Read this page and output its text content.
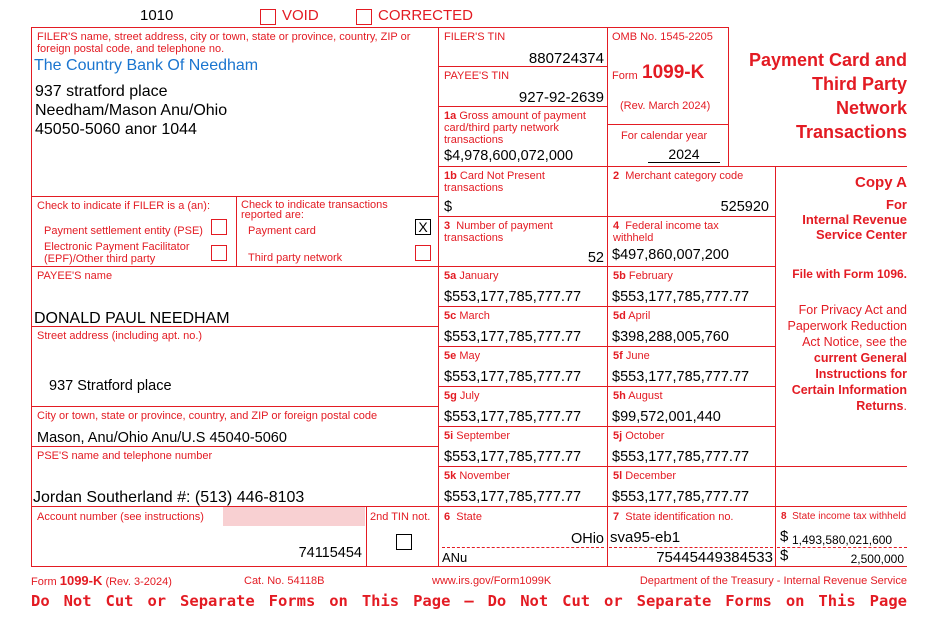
1010	VOID	CORRECTED
FILER'S name, street address, city or town, state or province, country, ZIP or foreign postal code, and telephone no.
The Country Bank Of Needham
937 stratford place
Needham/Mason Anu/Ohio
45050-5060 anor 1044
FILER'S TIN
880724374
PAYEE'S TIN
927-92-2639
1a Gross amount of payment card/third party network transactions
$4,978,600,072,000
OMB No. 1545-2205
Form 1099-K
(Rev. March 2024)
For calendar year
2024
Payment Card and
Third Party
Network
Transactions
Check to indicate if FILER is a (an):
Payment settlement entity (PSE)
Electronic Payment Facilitator (EPF)/Other third party
Check to indicate transactions reported are:
Payment card	X
Third party network
1b Card Not Present transactions
$
2 Merchant category code
525920
3 Number of payment transactions
52
4 Federal income tax withheld
$497,860,007,200
Copy A
For
Internal Revenue Service Center
File with Form 1096.
For Privacy Act and Paperwork Reduction Act Notice, see the current General Instructions for Certain Information Returns.
PAYEE'S name
DONALD PAUL NEEDHAM
Street address (including apt. no.)
937 Stratford place
City or town, state or province, country, and ZIP or foreign postal code
Mason, Anu/Ohio Anu/U.S 45040-5060
PSE'S name and telephone number
Jordan Southerland #: (513) 446-8103
Account number (see instructions)
74115454
2nd TIN not.
5a January
$553,177,785,777.77
5b February
$553,177,785,777.77
5c March
$553,177,785,777.77
5d April
$398,288,005,760
5e May
$553,177,785,777.77
5f June
$553,177,785,777.77
5g July
$553,177,785,777.77
5h August
$99,572,001,440
5i September
$553,177,785,777.77
5j October
$553,177,785,777.77
5k November
$553,177,785,777.77
5l December
$553,177,785,777.77
6 State
OHio
ANu
7 State identification no.
sva95-eb1
75445449384533
8 State income tax withheld
$ 1,493,580,021,600
$	2,500,000
Form 1099-K (Rev. 3-2024)	Cat. No. 54118B	www.irs.gov/Form1099K	Department of the Treasury - Internal Revenue Service
Do Not Cut or Separate Forms on This Page — Do Not Cut or Separate Forms on This Page
